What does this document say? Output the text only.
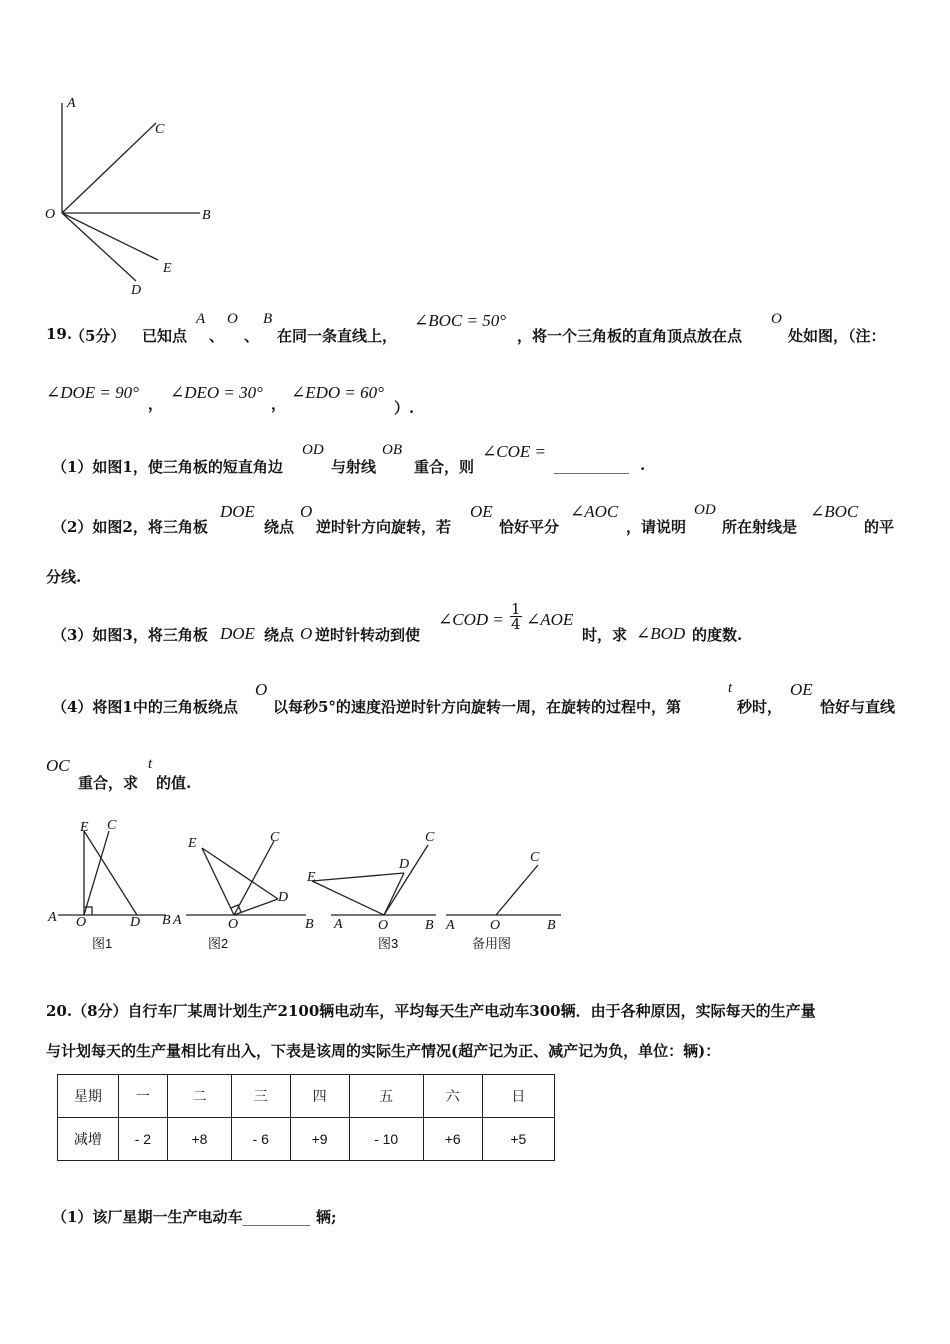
A
C
O	B
E
D
19.
（5分） 已知点
A
、
O
、
B
在同一条直线上，
∠BOC = 50°
，将一个三角板的直角顶点放在点
O
处如图，（注：
∠DOE = 90°
，
∠DEO = 30°
，
∠EDO = 60°
）.
（1）如图1，使三角板的短直角边
OD
与射线
OB
重合，则
∠COE =
__________ .
（2）如图2，将三角板
DOE
绕点
O
逆时针方向旋转，若
OE
恰好平分
∠AOC
，请说明
OD
所在射线是
∠BOC
的平
分线.
（3）如图3，将三角板 DOE 绕点 O 逆时针转动到使
∠COD = $\frac{1}{4}$ ∠AOE
时，求 ∠BOD 的度数.
（4）将图1中的三角板绕点
O
以每秒5°的速度沿逆时针方向旋转一周，在旋转的过程中，第
t
秒时，
OE
恰好与直线
OC
重合，求
t
的值.
E C
A O	D B
图1
E	C
D
A	O	B
图2
E
D
C
A	O	B
图3
C
A	O	B
备用图
20.（8分）自行车厂某周计划生产2100辆电动车，平均每天生产电动车300辆．由于各种原因，实际每天的生产量
与计划每天的生产量相比有出入，下表是该周的实际生产情况(超产记为正、减产记为负，单位：辆)：
星期	一	二	三	四	五	六	日
减增	- 2	+8	- 6	+9	- 10	+6	+5
（1）该厂星期一生产电动车_________ 辆;
